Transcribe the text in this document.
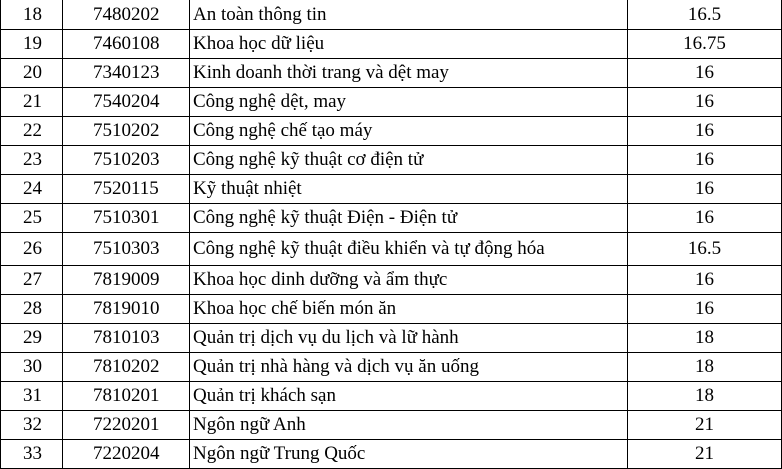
18	7480202	An toàn thông tin	16.5
19	7460108	Khoa học dữ liệu	16.75
20	7340123	Kinh doanh thời trang và dệt may	16
21	7540204	Công nghệ dệt, may	16
22	7510202	Công nghệ chế tạo máy	16
23	7510203	Công nghệ kỹ thuật cơ điện tử	16
24	7520115	Kỹ thuật nhiệt	16
25	7510301	Công nghệ kỹ thuật Điện - Điện tử	16
26	7510303	Công nghệ kỹ thuật điều khiển và tự động hóa	16.5
27	7819009	Khoa học dinh dưỡng và ẩm thực	16
28	7819010	Khoa học chế biến món ăn	16
29	7810103	Quản trị dịch vụ du lịch và lữ hành	18
30	7810202	Quản trị nhà hàng và dịch vụ ăn uống	18
31	7810201	Quản trị khách sạn	18
32	7220201	Ngôn ngữ Anh	21
33	7220204	Ngôn ngữ Trung Quốc	21
